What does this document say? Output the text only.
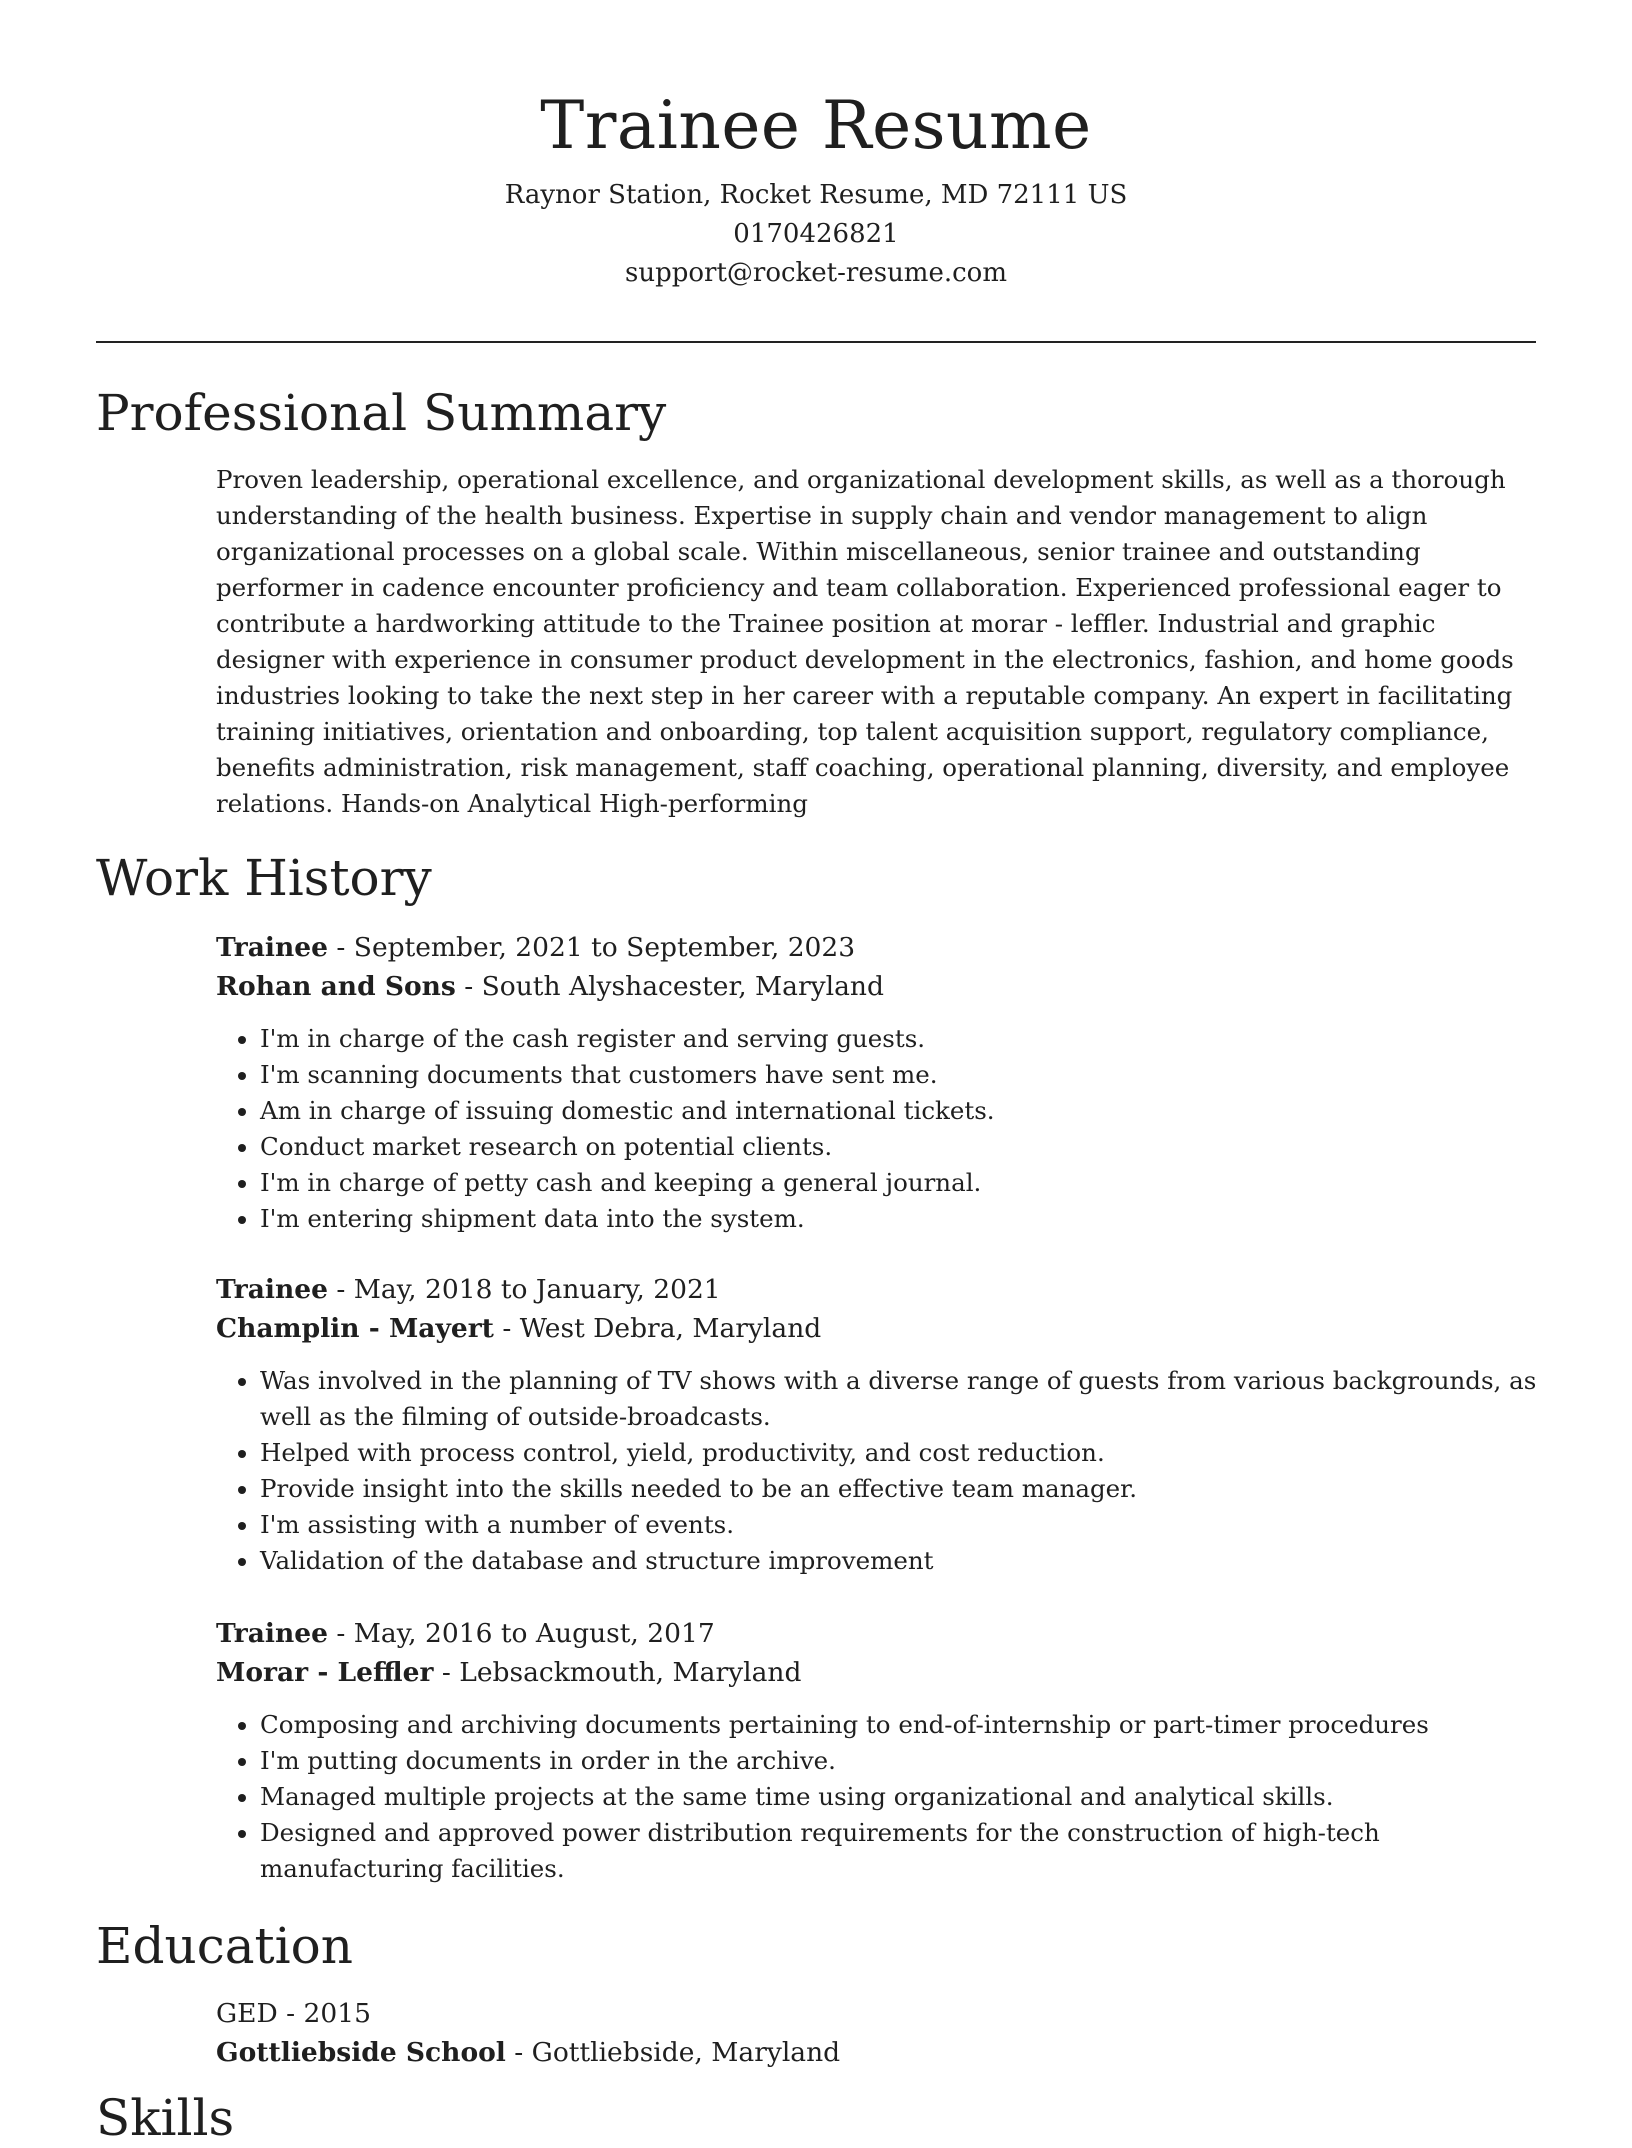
Trainee Resume
Raynor Station, Rocket Resume, MD 72111 US
0170426821
support@rocket-resume.com
Professional Summary

Proven leadership, operational excellence, and organizational development skills, as well as a thorough understanding of the health business. Expertise in supply chain and vendor management to align organizational processes on a global scale. Within miscellaneous, senior trainee and outstanding performer in cadence encounter proficiency and team collaboration. Experienced professional eager to contribute a hardworking attitude to the Trainee position at morar - leffler. Industrial and graphic designer with experience in consumer product development in the electronics, fashion, and home goods industries looking to take the next step in her career with a reputable company. An expert in facilitating training initiatives, orientation and onboarding, top talent acquisition support, regulatory compliance, benefits administration, risk management, staff coaching, operational planning, diversity, and employee relations. Hands-on Analytical High-performing

Work History
Trainee - September, 2021 to September, 2023
Rohan and Sons - South Alyshacester, Maryland
• I'm in charge of the cash register and serving guests.
• I'm scanning documents that customers have sent me.
• Am in charge of issuing domestic and international tickets.
• Conduct market research on potential clients.
• I'm in charge of petty cash and keeping a general journal.
• I'm entering shipment data into the system.
Trainee - May, 2018 to January, 2021
Champlin - Mayert - West Debra, Maryland
• Was involved in the planning of TV shows with a diverse range of guests from various backgrounds, as well as the filming of outside-broadcasts.
• Helped with process control, yield, productivity, and cost reduction.
• Provide insight into the skills needed to be an effective team manager.
• I'm assisting with a number of events.
• Validation of the database and structure improvement
Trainee - May, 2016 to August, 2017
Morar - Leffler - Lebsackmouth, Maryland
• Composing and archiving documents pertaining to end-of-internship or part-timer procedures
• I'm putting documents in order in the archive.
• Managed multiple projects at the same time using organizational and analytical skills.
• Designed and approved power distribution requirements for the construction of high-tech manufacturing facilities.
Education
GED - 2015
Gottliebside School - Gottliebside, Maryland
Skills
